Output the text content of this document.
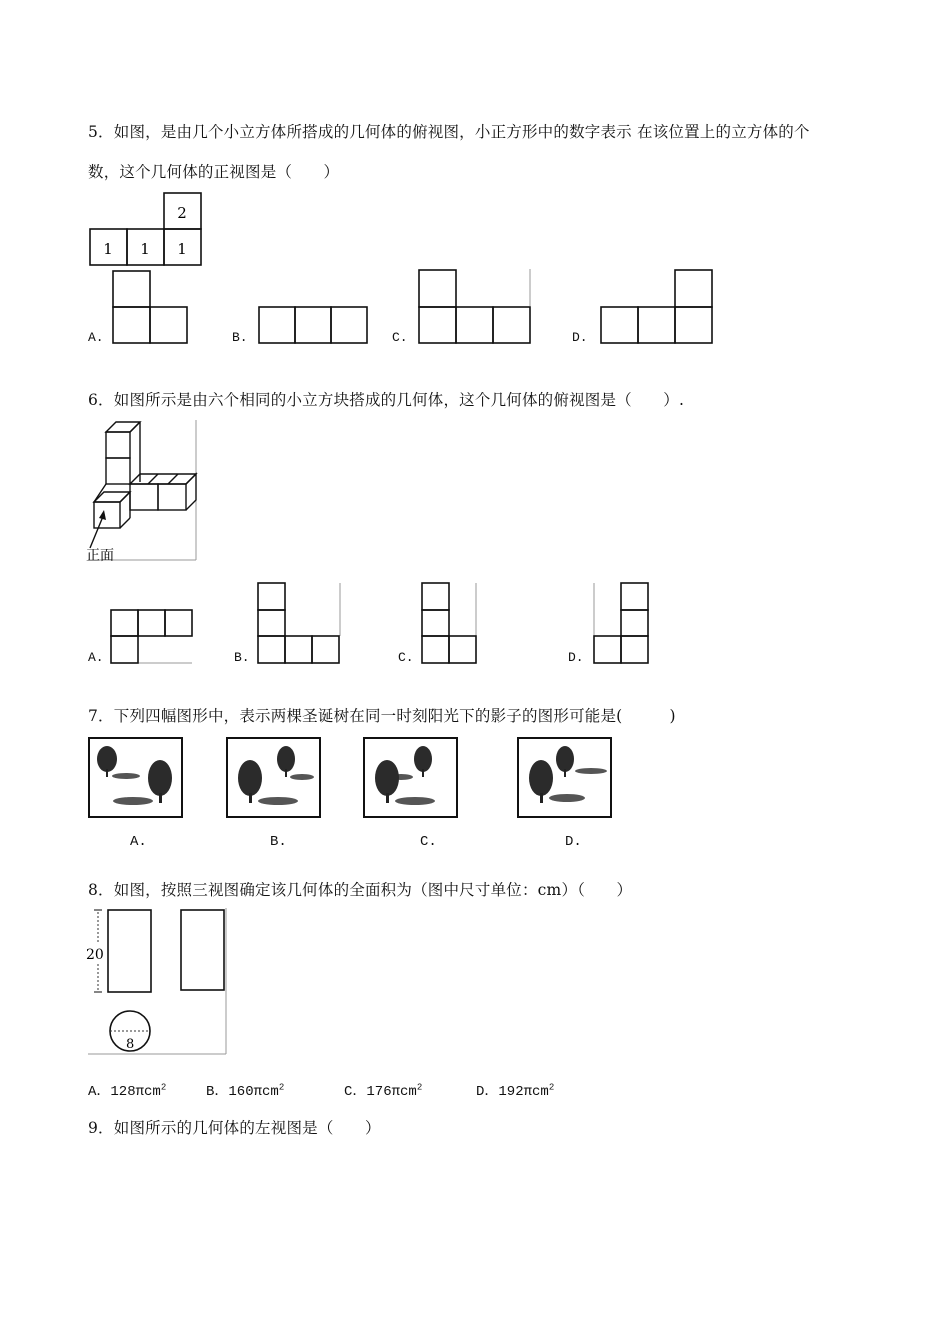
5．如图，是由几个小立方体所搭成的几何体的俯视图，小正方形中的数字表示 在该位置上的立方体的个
数，这个几何体的正视图是（　　）
2
1 1 1
A.	B.	C.	D.
6．如图所示是由六个相同的小立方块搭成的几何体，这个几何体的俯视图是（　　）.
正面
A.	B.	C.	D.
7．下列四幅图形中，表示两棵圣诞树在同一时刻阳光下的影子的图形可能是(　　　)
A.	B.	C.	D.
8．如图，按照三视图确定该几何体的全面积为（图中尺寸单位：cm）（　　）
20
8
A．128πcm$^2$	B．160πcm$^2$	C．176πcm$^2$	D．192πcm$^2$
9．如图所示的几何体的左视图是（　　）
